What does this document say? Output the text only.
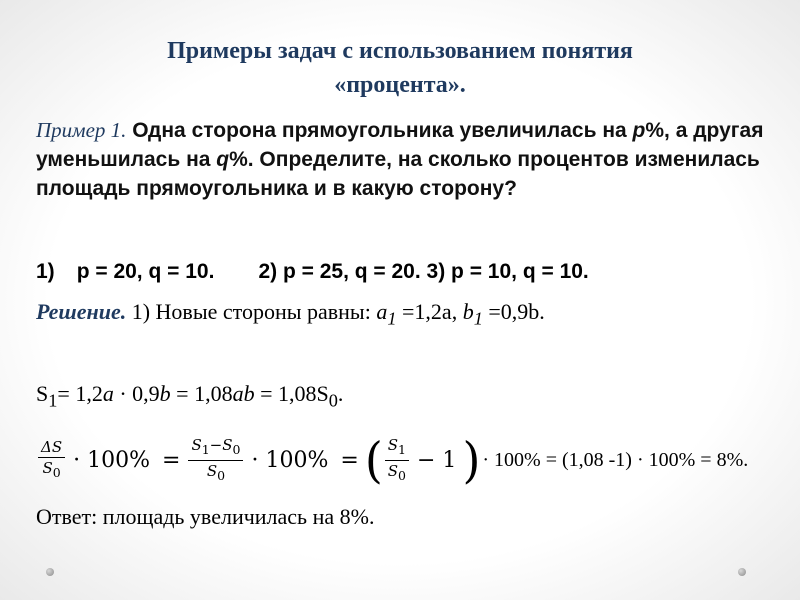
Примеры задач с использованием понятия
«процента».
Пример 1. Одна сторона прямоугольника увеличилась на p%, а другая уменьшилась на q%. Определите, на сколько процентов изменилась площадь прямоугольника и в какую сторону?
1) p = 20, q = 10. 2) p = 25, q = 20. 3) p = 10, q = 10.
Решение. 1) Новые стороны равны: $a_1 =1,2a$, $b_1 =0,9b$.
$S_1= 1,2a \cdot 0,9b = 1,08ab = 1,08S_0$.
$\frac{\Delta S}{S_0} \cdot 100\% = \frac{S_1-S_0}{S_0} \cdot 100\%$ = ( $\frac{S_1}{S_0} - 1$ ) · 100% = (1,08 -1) · 100% = 8%.
Ответ: площадь увеличилась на 8%.
